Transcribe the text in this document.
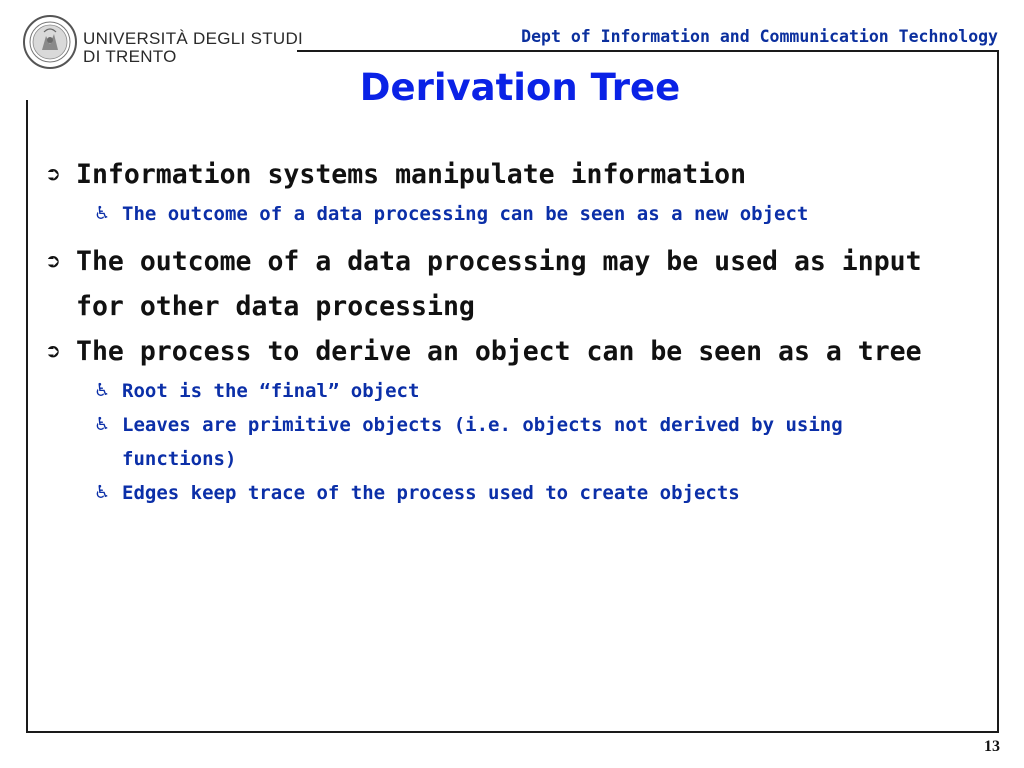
UNIVERSITÀ DEGLI STUDI
DI TRENTO
Dept of Information and Communication Technology
Derivation Tree
➲ Information systems manipulate information
♿ The outcome of a data processing can be seen as a new object
➲ The outcome of a data processing may be used as input for other data processing
➲ The process to derive an object can be seen as a tree
♿ Root is the “final” object
♿ Leaves are primitive objects (i.e. objects not derived by using functions)
♿ Edges keep trace of the process used to create objects
13
